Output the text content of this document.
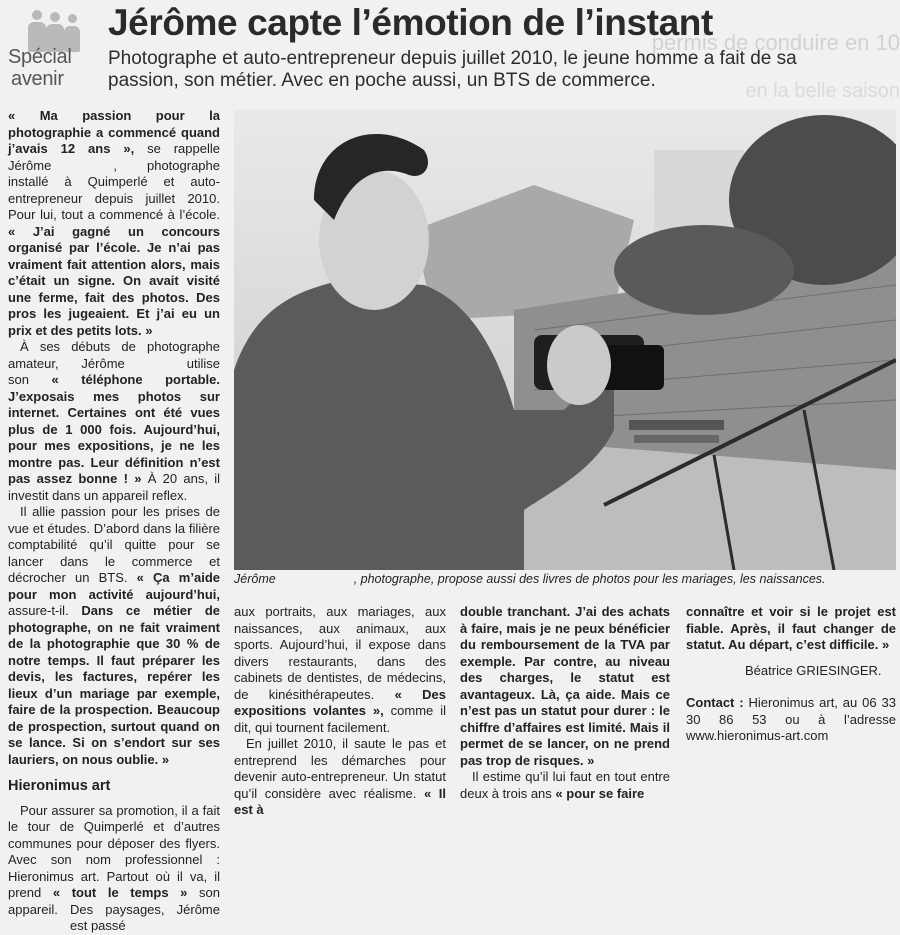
Spécial
avenir
permis de conduire en 10
en la belle saison
Jérôme capte l’émotion de l’instant
Photographe et auto-entrepreneur depuis juillet 2010, le jeune homme a fait de sa passion, son métier. Avec en poche aussi, un BTS de commerce.

« Ma passion pour la photographie a commencé quand j’avais 12 ans », se rappelle Jérôme	, photographe installé à Quimperlé et auto-entrepreneur depuis juillet 2010. Pour lui, tout a commencé à l’école. « J’ai gagné un concours organisé par l’école. Je n’ai pas vraiment fait attention alors, mais c’était un signe. On avait visité une ferme, fait des photos. Des pros les jugeaient. Et j’ai eu un prix et des petits lots. »

À ses débuts de photographe amateur, Jérôme	utilise son « téléphone portable. J’exposais mes photos sur internet. Certaines ont été vues plus de 1 000 fois. Aujourd’hui, pour mes expositions, je ne les montre pas. Leur définition n’est pas assez bonne ! » À 20 ans, il investit dans un appareil reflex.

Il allie passion pour les prises de vue et études. D’abord dans la filière comptabilité qu’il quitte pour se lancer dans le commerce et décrocher un BTS. « Ça m’aide pour mon activité aujourd’hui, assure-t-il. Dans ce métier de photographe, on ne fait vraiment de la photographie que 30 % de notre temps. Il faut préparer les devis, les factures, repérer les lieux d’un mariage par exemple, faire de la prospection. Beaucoup de prospection, surtout quand on se lance. Si on s’endort sur ses lauriers, on nous oublie. »

Hieronimus art

Pour assurer sa promotion, il a fait le tour de Quimperlé et d’autres communes pour déposer des flyers. Avec son nom professionnel : Hieronimus art. Partout où il va, il prend « tout le temps » son appareil. Des paysages, Jérômeest passé

Jérôme	, photographe, propose aussi des livres de photos pour les mariages, les naissances.

aux portraits, aux mariages, aux naissances, aux animaux, aux sports. Aujourd’hui, il expose dans divers restaurants, dans des cabinets de dentistes, de médecins, de kinésithérapeutes. « Des expositions volantes », comme il dit, qui tournent facilement.

En juillet 2010, il saute le pas et entreprend les démarches pour devenir auto-entrepreneur. Un statut qu’il considère avec réalisme. « Il est à

double tranchant. J’ai des achats à faire, mais je ne peux bénéficier du remboursement de la TVA par exemple. Par contre, au niveau des charges, le statut est avantageux. Là, ça aide. Mais ce n’est pas un statut pour durer : le chiffre d’affaires est limité. Mais il permet de se lancer, on ne prend pas trop de risques. »

Il estime qu’il lui faut en tout entre deux à trois ans « pour se faire

connaître et voir si le projet est fiable. Après, il faut changer de statut. Au départ, c’est difficile. »

Béatrice GRIESINGER.

Contact : Hieronimus art, au 06 33 30 86 53 ou à l’adresse www.hieronimus-art.com
